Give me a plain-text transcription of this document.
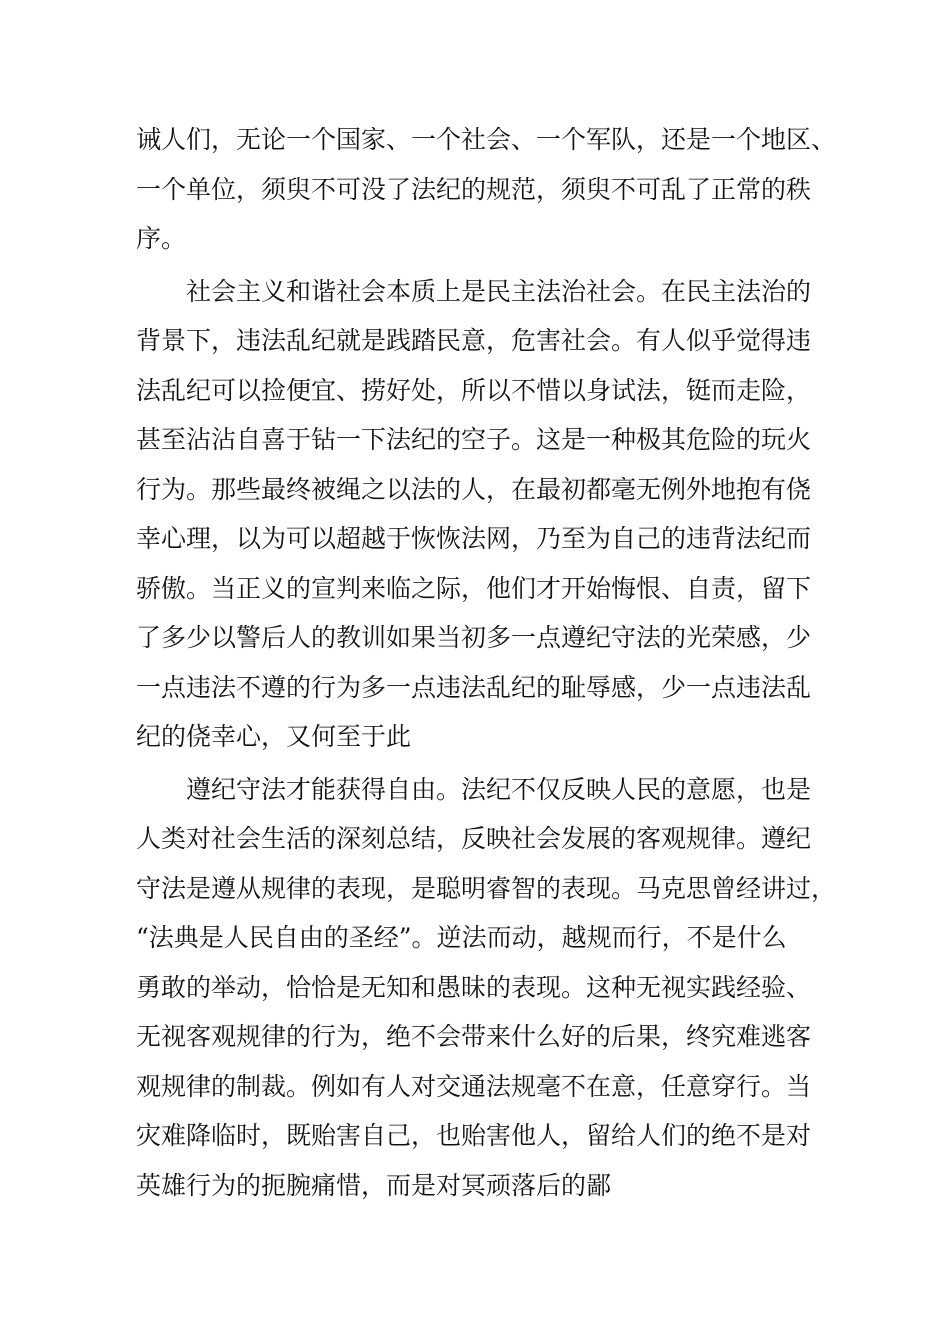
诫人们，无论一个国家、一个社会、一个军队，还是一个地区、
一个单位，须臾不可没了法纪的规范，须臾不可乱了正常的秩
序。
　　社会主义和谐社会本质上是民主法治社会。在民主法治的
背景下，违法乱纪就是践踏民意，危害社会。有人似乎觉得违
法乱纪可以捡便宜、捞好处，所以不惜以身试法，铤而走险，
甚至沾沾自喜于钻一下法纪的空子。这是一种极其危险的玩火
行为。那些最终被绳之以法的人，在最初都毫无例外地抱有侥
幸心理，以为可以超越于恢恢法网，乃至为自己的违背法纪而
骄傲。当正义的宣判来临之际，他们才开始悔恨、自责，留下
了多少以警后人的教训如果当初多一点遵纪守法的光荣感，少
一点违法不遵的行为多一点违法乱纪的耻辱感，少一点违法乱
纪的侥幸心，又何至于此
　　遵纪守法才能获得自由。法纪不仅反映人民的意愿，也是
人类对社会生活的深刻总结，反映社会发展的客观规律。遵纪
守法是遵从规律的表现，是聪明睿智的表现。马克思曾经讲过，
“法典是人民自由的圣经”。逆法而动，越规而行，不是什么
勇敢的举动，恰恰是无知和愚昧的表现。这种无视实践经验、
无视客观规律的行为，绝不会带来什么好的后果，终究难逃客
观规律的制裁。例如有人对交通法规毫不在意，任意穿行。当
灾难降临时，既贻害自己，也贻害他人，留给人们的绝不是对
英雄行为的扼腕痛惜，而是对冥顽落后的鄙
